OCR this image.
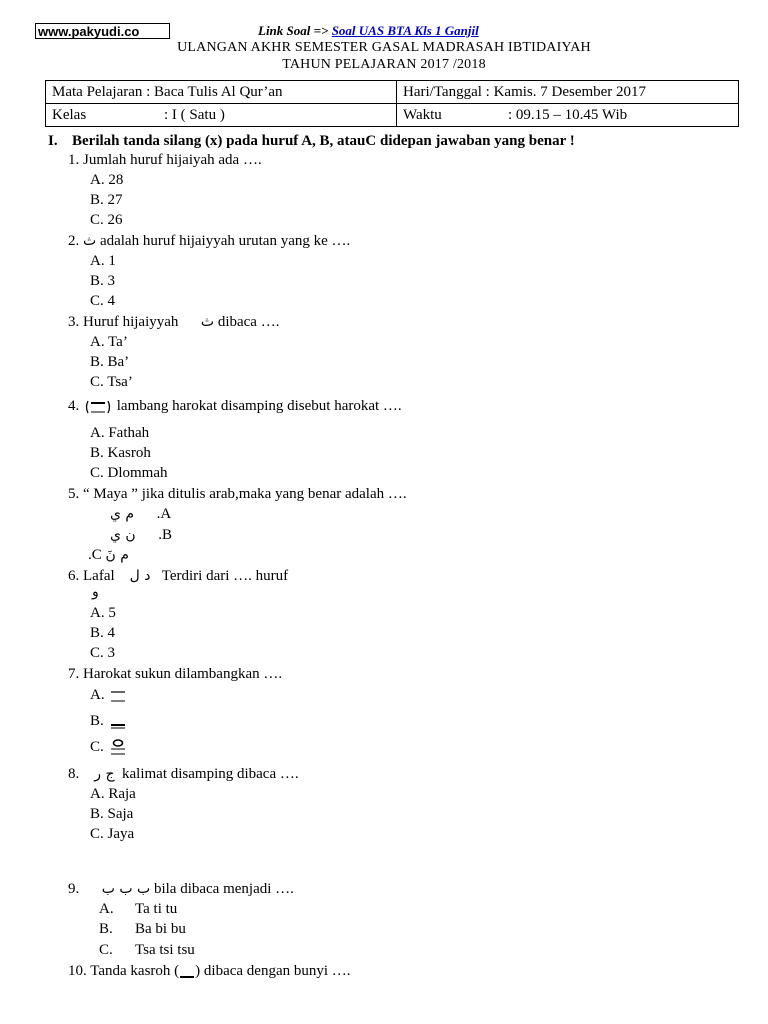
www.pakyudi.co	Link Soal => Soal UAS BTA Kls 1 Ganjil
ULANGAN AKHR SEMESTER GASAL MADRASAH IBTIDAIYAH
TAHUN PELAJARAN 2017 /2018
Mata Pelajaran : Baca Tulis Al Qur’an	Hari/Tanggal : Kamis. 7 Desember 2017
Kelas : I ( Satu )	Waktu : 09.15 – 10.45 Wib
I. Berilah tanda silang (x) pada huruf A, B, atauC didepan jawaban yang benar !
1. Jumlah huruf hijaiyah ada ….
A. 28
B. 27
C. 26
2. ث adalah huruf hijaiyyah urutan yang ke ….
A. 1
B. 3
C. 4
3. Huruf hijaiyyah ث dibaca ….
A. Ta’
B. Ba’
C. Tsa’
4.	lambang harokat disamping disebut harokat ….
A. Fathah
B. Kasroh
C. Dlommah
5. “ Maya ” jika ditulis arab,maka yang benar adalah ….
م ي .A
ن ي .B
.C م نَ
6. Lafal د ل Terdiri dari …. huruf
و
A. 5
B. 4
C. 3
7. Harokat sukun dilambangkan ….
A.
B.
C.
8. ج ر kalimat disamping dibaca ….
A. Raja
B. Saja
C. Jaya
9. ب ب ب bila dibaca menjadi ….
A. Ta ti tu
B. Ba bi bu
C. Tsa tsi tsu
10. Tanda kasroh ( ) dibaca dengan bunyi ….
